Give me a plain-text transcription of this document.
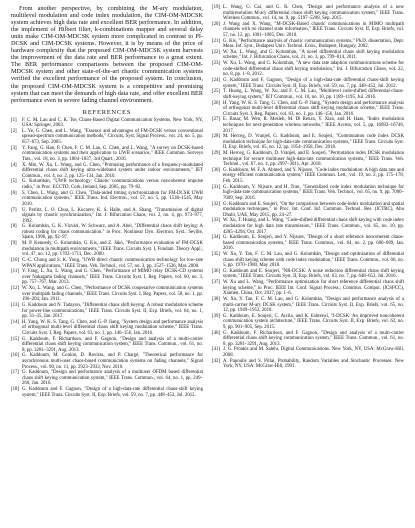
From another perspective, by combining the M-ary modulation, multilevel modulation and code index modulation, the CIM-OM-MDCSK system achieves high data rate and excellent BER performance. In addition, the implement of Hilbert filter, k-combinations mapper and several delay units make CIM-OM-MDCSK system more complicated in contrast to PI-DCSK and CIM-DCSK systems. However, it is by means of the price of hardware complexity that the proposed CIM-OM-MDCSK system harvests the improvement of the data rate and BER performance to a great extent. The BER performance comparisons between the proposed CIM-OM-MDCSK system and other state-of-the-art chaotic communication systems verified the excellent performance of the proposed system. In conclusion, the proposed CIM-OM-MDCSK system is a competitive and promising system that can meet the demands of high data rate, and offer excellent BER performance even in severe fading channel environment.

REFERENCES
[1] F. C. M. Lau and C. K. Tse, Chaos-Based Digital Communication Systems. New York, NY, USA: Springer, 2003.
[2] L. Ye, G. Chen, and L. Wang, "Essence and advantages of FM-DCSK versus conventional spread-spectrum communication methods," Circuits, Syst. Signal Process., vol. 24, no. 5, pp. 657–673, Sep. 2005.
[3] Y. Fang, G. Han, P. Chen, F. C. M. Lau, G. Chen, and L. Wang, "A survey on DCSK-based communication systems and their application to UWB scenarios," IEEE Commun. Surveys Tuts., vol. 18, no. 3, pp. 1804–1837, 3rd Quart., 2016.
[4] X. Min, W. Xu, L. Wang, and G. Chen, "Promising performance of a frequency-modulated differential chaos shift keying ultra-wideband system under indoor environments," IET Commun., vol. 4, no. 2, pp. 125–134, Jan. 2010.
[5] G. Kolumbán, "UWB technology: Chaotic communications versus noncoherent impulse radio," in Proc. ECCTD, Cork, Ireland, Sep. 2005, pp. 79–82.
[6] S. Chen, L. Wang, and G. Chen, "Data-aided timing synchronization for FM-DCSK UWB communication systems," IEEE Trans. Ind. Electron., vol. 57, no. 5, pp. 1538–1545, May 2010.
[7] U. Parlitz, L. O. Chua, L. Kocarev, K. S. Halle, and A. Shang, "Transmission of digital signals by chaotic synchronization," Int. J. Bifurcation Chaos, vol. 2, no. 4, pp. 973–977, 1992.
[8] G. Kolumbán, G. K. Vizvári, W. Schwarz, and A. Abel, "Differential chaos shift keying: A robust coding for chaos communication," in Proc. Nonlinear Dyn. Electron. Syst., Seville, Spain, 1996, pp. 92–97.
[9] M. P. Kennedy, G. Kolumbán, G. Kis, and Z. Jákó, "Performance evaluation of FM-DCSK modulation in multipath environments," IEEE Trans. Circuits Syst. I, Fundam. Theory Appl., vol. 47, no. 12, pp. 1702–1711, Dec. 2000.
[10] C.-C. Chong and S. K. Yong, "UWB direct chaotic communication technology for low-rate WPAN applications," IEEE Trans. Veh. Technol., vol. 57, no. 3, pp. 1527–1536, Mar. 2008.
[11] Y. Fang, L. Xu, L. Wang, and G. Chen, "Performance of MIMO relay DCSK-CD systems over Nakagami fading channels," IEEE Trans. Circuits Syst. I, Reg. Papers, vol. 60, no. 3, pp. 757–767, Mar. 2013.
[12] W. Xu, L. Wang, and G. Chen, "Performance of DCSK cooperative communication systems over multipath fading channels," IEEE Trans. Circuits Syst. I, Reg. Papers, vol. 58, no. 1, pp. 196–204, Jan. 2011.
[13] G. Kaddoum and N. Tadayon, "Differential chaos shift keying: A robust modulation scheme for power-line communications," IEEE Trans. Circuits Syst. II, Exp. Briefs, vol. 64, no. 1, pp. 31–35, Jan. 2017.
[14] H. Yang, W. K. S. Tang, G. Chen, and G.-P. Jiang, "System design and performance analysis of orthogonal multi-level differential chaos shift keying modulation scheme," IEEE Trans. Circuits Syst. I, Reg. Papers, vol. 63, no. 1, pp. 146–156, Jan. 2016.
[15] G. Kaddoum, F. Richardson, and F. Gagnon, "Design and analysis of a multi-carrier differential chaos shift keying communication system," IEEE Trans. Commun., vol. 61, no. 8, pp. 3281–3291, Aug. 2013.
[16] G. Kaddoum, M. Coulon, D. Roviras, and P. Chargé, "Theoretical performance for asynchronous multi-user chaos-based communication systems on fading channels," Signal Process., vol. 90, no. 11, pp. 2923–2933, Nov. 2010.
[17] G. Kaddoum, "Design and performance analysis of a multiuser OFDM based differential chaos shift keying communication system," IEEE Trans. Commun., vol. 64, no. 1, pp. 249–260, Jan. 2016.
[18] G. Kaddoum and F. Gagnon, "Design of a high-data-rate differential chaos-shift keying system," IEEE Trans. Circuits Syst. II, Exp. Briefs, vol. 59, no. 7, pp. 448–452, Jul. 2012.
[19] L. Wang, G. Cai, and G. R. Chen, "Design and performance analysis of a new multiresolution M-ary differential chaos shift keying communication system," IEEE Trans. Wireless Commun., vol. 14, no. 9, pp. 5197–5208, Sep. 2015.
[20] J. Wang and X. Wang, "M-DCSK-Based chaotic communications in MIMO multipath channels with no channel state information," IEEE Trans. Circuits Syst. II, Exp. Briefs, vol. 57, no. 12, pp. 1001–1005, Dec. 2010.
[21] G. Kis, "Performance analysis of chaotic communication systems," Ph.D. dissertation, Dept. Meas. Inf. Syst., Budapest Univ. Technol. Econ., Budapest, Hungary, 2002.
[22] W. Xu, L. Wang, and G. Kolumbán, "A novel differential chaos shift keying modulation scheme," Int. J. Bifurcation Chaos, vol. 21, no. 3, pp. 799–814, 2011.
[23] W. Xu, L. Wang, and G. Kolumbán, "A new data rate adaption communications scheme for code-shifted differential chaos shift keying modulation," Int. J. Bifurcation Chaos, vol. 22, no. 8, pp. 1–8, 2012.
[24] G. Kaddoum and F. Gagnon, "Design of a high-data-rate differential chaos-shift keying system," IEEE Trans. Circuits Syst. II, Exp. Briefs, vol. 59, no. 7, pp. 448–452, Jul. 2012.
[25] T. Huang, L. Wang, W. Xu, and F. C. M. Lau, "Multilevel code-shifted differential-chaos-shift-keying system," IET Commun., vol. 10, no. 10, pp. 1189–1195, Jul. 2016.
[26] H. Yang, W. K. S. Tang, G. Chen, and G.-P. Jiang, "System design and performance analysis of orthogonal multi-level differential chaos shift keying modulation scheme," IEEE Trans. Circuits Syst. I, Reg. Papers, vol. 63, no. 1, pp. 146–156, Jan. 2016.
[27] E. Basar, M. Wen, R. Mesleh, M. Di Renzo, Y. Xiao, and H. Haas, "Index modulation techniques for next-generation wireless networks," IEEE Access, vol. 5, pp. 16693–16746, 2017.
[28] M. Herceg, D. Vranješ, G. Kaddoum, and E. Soujeri, "Commutation code index DCSK modulation technique for high-data-rate communication systems," IEEE Trans. Circuits Syst. II, Exp. Briefs, vol. 65, no. 12, pp. 1954–1958, Dec. 2018.
[29] M. Herceg, G. Kaddoum, D. Vranješ, and E. Soujeri, "Permutation index DCSK modulation technique for secure multiuser high-data-rate communication systems," IEEE Trans. Veh. Technol., vol. 67, no. 4, pp. 2997–3011, Apr. 2018.
[30] G. Kaddoum, M. F. A. Ahmed, and Y. Nijsure, "Code index modulation: A high data rate and energy efficient communication system," IEEE Commun. Lett., vol. 19, no. 2, pp. 175–178, Feb. 2015.
[31] G. Kaddoum, Y. Nijsure, and H. Tran, "Generalized code index modulation technique for high-data-rate communication systems," IEEE Trans. Veh. Technol., vol. 65, no. 9, pp. 7000–7009, Sep. 2016.
[32] G. Kaddoum and E. Soujeri, "On the comparison between code-index modulation and spatial modulation techniques," in Proc. Int. Conf. Inf. Commun. Technol. Res. (ICTRC), Abu Dhabi, UAE, May 2015, pp. 24–27.
[33] W. Xu, T. Huang, and L. Wang, "Code-shifted differential chaos shift keying with code index modulation for high data rate transmission," IEEE Trans. Commun., vol. 65, no. 10, pp. 4285–4294, Oct. 2017.
[34] G. Kaddoum, E. Soujeri, and Y. Nijsure, "Design of a short reference noncoherent chaos-based communication systems," IEEE Trans. Commun., vol. 64, no. 2, pp. 680–689, Jan. 2016.
[35] W. Xu, Y. Tan, F. C. M. Lau, and G. Kolumbán, "Design and optimization of differential chaos shift keying scheme with code index modulation," IEEE Trans. Commun., vol. 66, no. 5, pp. 1970–1980, May 2018.
[36] G. Kaddoum and E. Soujeri, "NR-DCSK: A noise reduction differential chaos shift keying system," IEEE Trans. Circuits Syst. II, Exp. Briefs, vol. 63, no. 7, pp. 648–652, Jul. 2016.
[37] W. Xu and L. Wang, "Performance optimization for short reference differential chaos shift keying scheme," in Proc. IEEE Int. Conf. Signal Process., Commun. Comput. (ICSPCC), Xiamen, China, Oct. 2017, pp. 1–6.
[38] W. Xu, Y. Tan, F. C. M. Lau, and G. Kolumbán, "Design and performance analysis of a multi-carrier M-ary DCSK system," IEEE Trans. Circuits Syst. II, Exp. Briefs, vol. 65, no. 12, pp. 1949–1953, 2018.
[39] G. Kaddoum, E. Soujeri, C. Arcila, and K. Eshteiwi, "I-DCSK: An improved noncoherent communication system architecture," IEEE Trans. Circuits Syst. II, Exp. Briefs, vol. 62, no. 9, pp. 901–905, Sep. 2015.
[40] G. Kaddoum, F. Richardson, and F. Gagnon, "Design and analysis of a multi-carrier differential chaos shift keying communication system," IEEE Trans. Commun., vol. 61, no. 8, pp. 3281–3291, Aug. 2013.
[41] J. G. Proakis and M. Salehi, Digital Communications. New York, NY, USA: McGraw-Hill, 2008.
[42] A. Papoulis and S. Pillai, Probability, Random Variables and Stochastic Processes. New York, NY, USA: McGraw-Hill, 1991.
